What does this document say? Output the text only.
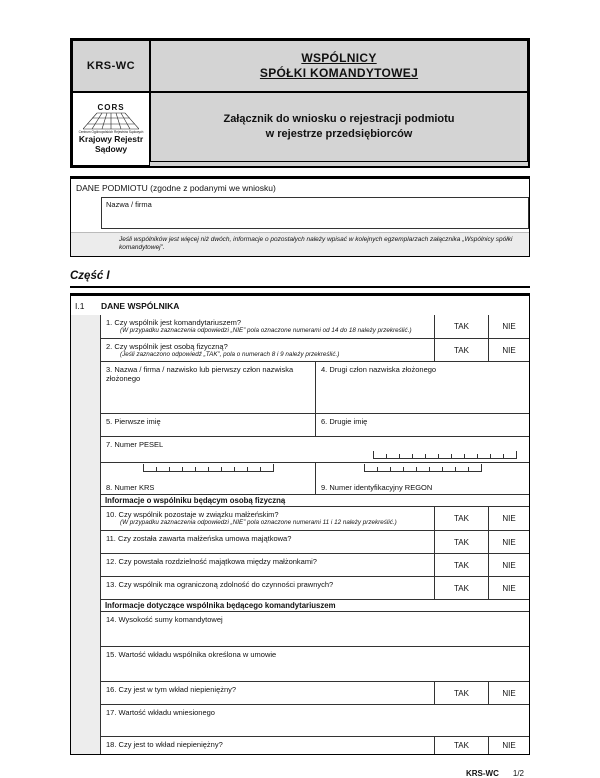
KRS-WC
WSPÓLNICY
SPÓŁKI KOMANDYTOWEJ
CORS
Centrum Ogólnopolskich Rejestrów Sądowych
Krajowy Rejestr
Sądowy
Załącznik do wniosku o rejestracji podmiotu
w rejestrze przedsiębiorców
DANE PODMIOTU (zgodne z podanymi we wniosku)
Nazwa / firma
Jeśli wspólników jest więcej niż dwóch, informacje o pozostałych należy wpisać w kolejnych egzemplarzach załącznika „Wspólnicy spółki komandytowej”.
Część I
I.1	DANE WSPÓLNIKA
1. Czy wspólnik jest komandytariuszem?
(W przypadku zaznaczenia odpowiedzi „NIE” pola oznaczone numerami od 14 do 18 należy przekreślić.)	TAK	NIE
2. Czy wspólnik jest osobą fizyczną?
(Jeśli zaznaczono odpowiedź „TAK”, pola o numerach 8 i 9 należy przekreślić.)	TAK	NIE
3. Nazwa / firma / nazwisko lub pierwszy człon nazwiska złożonego
4. Drugi człon nazwiska złożonego
5. Pierwsze imię	6. Drugie imię
7. Numer PESEL
8. Numer KRS	9. Numer identyfikacyjny REGON
Informacje o wspólniku będącym osobą fizyczną
10. Czy wspólnik pozostaje w związku małżeńskim?
(W przypadku zaznaczenia odpowiedzi „NIE” pola oznaczone numerami 11 i 12 należy przekreślić.)	TAK	NIE
11. Czy została zawarta małżeńska umowa majątkowa?	TAK	NIE
12. Czy powstała rozdzielność majątkowa między małżonkami?	TAK	NIE
13. Czy wspólnik ma ograniczoną zdolność do czynności prawnych?	TAK	NIE
Informacje dotyczące wspólnika będącego komandytariuszem
14. Wysokość sumy komandytowej
15. Wartość wkładu wspólnika określona w umowie
16. Czy jest w tym wkład niepieniężny?	TAK	NIE
17. Wartość wkładu wniesionego
18. Czy jest to wkład niepieniężny?	TAK	NIE
KRS-WC 1/2
